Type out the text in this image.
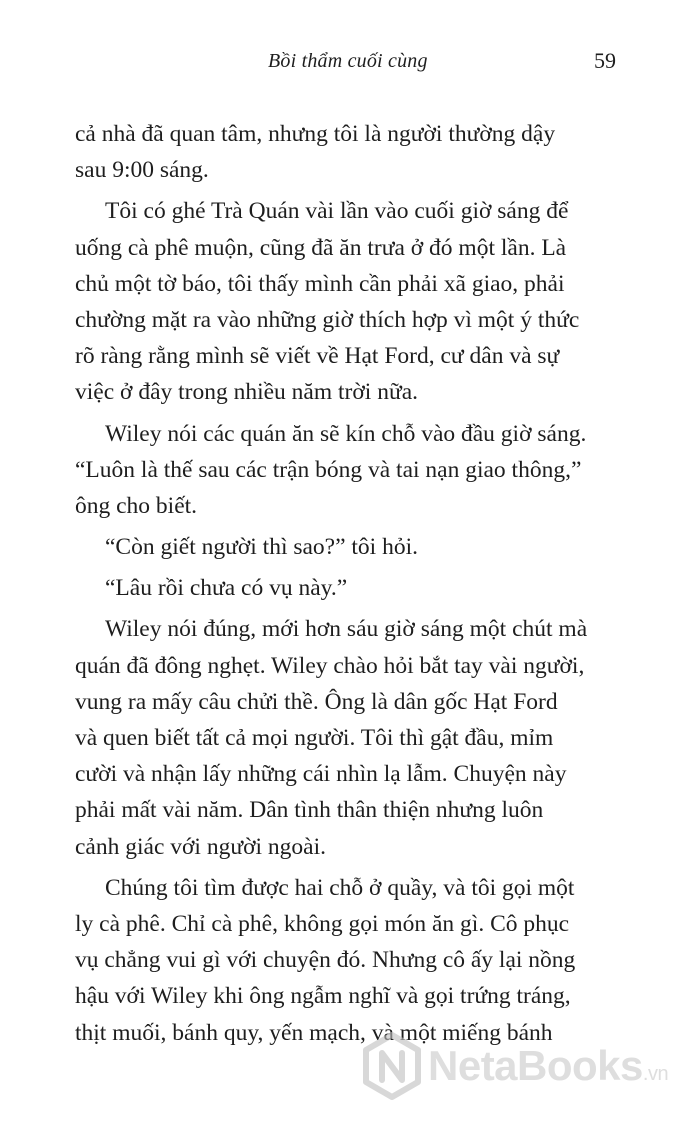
Bồi thẩm cuối cùng	59
cả nhà đã quan tâm, nhưng tôi là người thường dậy
sau 9:00 sáng.
Tôi có ghé Trà Quán vài lần vào cuối giờ sáng để
uống cà phê muộn, cũng đã ăn trưa ở đó một lần. Là
chủ một tờ báo, tôi thấy mình cần phải xã giao, phải
chường mặt ra vào những giờ thích hợp vì một ý thức
rõ ràng rằng mình sẽ viết về Hạt Ford, cư dân và sự
việc ở đây trong nhiều năm trời nữa.
Wiley nói các quán ăn sẽ kín chỗ vào đầu giờ sáng.
“Luôn là thế sau các trận bóng và tai nạn giao thông,”
ông cho biết.
“Còn giết người thì sao?” tôi hỏi.
“Lâu rồi chưa có vụ này.”
Wiley nói đúng, mới hơn sáu giờ sáng một chút mà
quán đã đông nghẹt. Wiley chào hỏi bắt tay vài người,
vung ra mấy câu chửi thề. Ông là dân gốc Hạt Ford
và quen biết tất cả mọi người. Tôi thì gật đầu, mỉm
cười và nhận lấy những cái nhìn lạ lẫm. Chuyện này
phải mất vài năm. Dân tình thân thiện nhưng luôn
cảnh giác với người ngoài.
Chúng tôi tìm được hai chỗ ở quầy, và tôi gọi một
ly cà phê. Chỉ cà phê, không gọi món ăn gì. Cô phục
vụ chẳng vui gì với chuyện đó. Nhưng cô ấy lại nồng
hậu với Wiley khi ông ngẫm nghĩ và gọi trứng tráng,
thịt muối, bánh quy, yến mạch, và một miếng bánh
NetaBooks.vn
